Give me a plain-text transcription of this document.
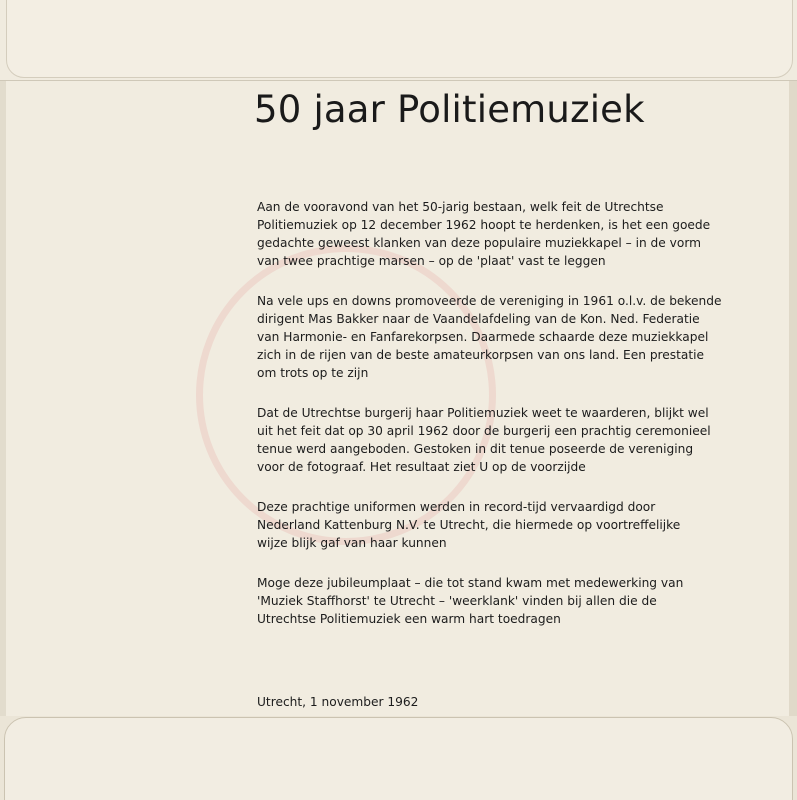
50 jaar Politiemuziek

Aan de vooravond van het 50-jarig bestaan, welk feit de Utrechtse
Politiemuziek op 12 december 1962 hoopt te herdenken, is het een goede
gedachte geweest klanken van deze populaire muziekkapel – in de vorm
van twee prachtige marsen – op de 'plaat' vast te leggen

Na vele ups en downs promoveerde de vereniging in 1961 o.l.v. de bekende
dirigent Mas Bakker naar de Vaandelafdeling van de Kon. Ned. Federatie
van Harmonie- en Fanfarekorpsen. Daarmede schaarde deze muziekkapel
zich in de rijen van de beste amateurkorpsen van ons land. Een prestatie
om trots op te zijn

Dat de Utrechtse burgerij haar Politiemuziek weet te waarderen, blijkt wel
uit het feit dat op 30 april 1962 door de burgerij een prachtig ceremonieel
tenue werd aangeboden. Gestoken in dit tenue poseerde de vereniging
voor de fotograaf. Het resultaat ziet U op de voorzijde

Deze prachtige uniformen werden in record-tijd vervaardigd door
Nederland Kattenburg N.V. te Utrecht, die hiermede op voortreffelijke
wijze blijk gaf van haar kunnen

Moge deze jubileumplaat – die tot stand kwam met medewerking van
'Muziek Staffhorst' te Utrecht – 'weerklank' vinden bij allen die de
Utrechtse Politiemuziek een warm hart toedragen

Utrecht, 1 november 1962
